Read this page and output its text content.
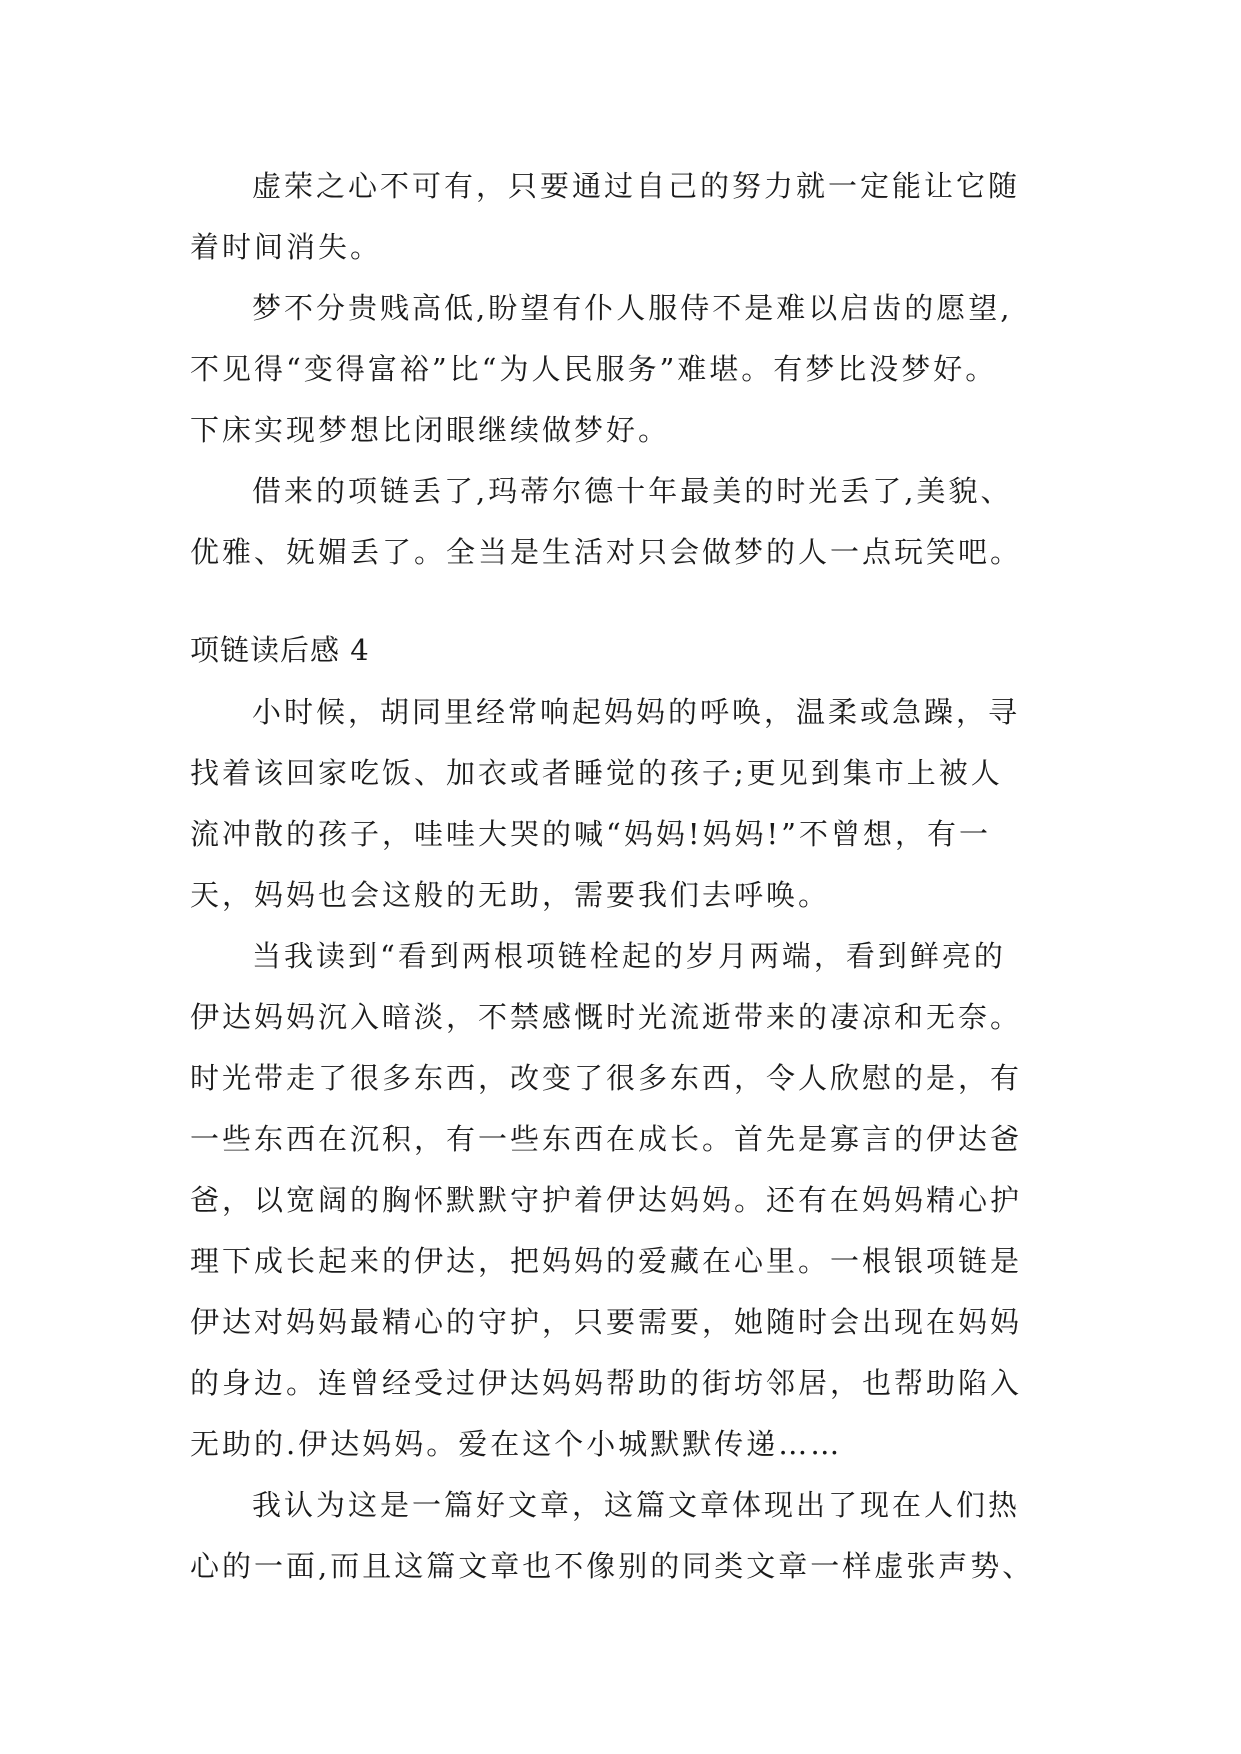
虚荣之心不可有，只要通过自己的努力就一定能让它随
着时间消失。
梦不分贵贱高低,盼望有仆人服侍不是难以启齿的愿望,
不见得“变得富裕”比“为人民服务”难堪。有梦比没梦好。
下床实现梦想比闭眼继续做梦好。
借来的项链丢了,玛蒂尔德十年最美的时光丢了,美貌、
优雅、妩媚丢了。全当是生活对只会做梦的人一点玩笑吧。
项链读后感 4
小时候，胡同里经常响起妈妈的呼唤，温柔或急躁，寻
找着该回家吃饭、加衣或者睡觉的孩子;更见到集市上被人
流冲散的孩子，哇哇大哭的喊“妈妈!妈妈!”不曾想，有一
天，妈妈也会这般的无助，需要我们去呼唤。
当我读到“看到两根项链栓起的岁月两端，看到鲜亮的
伊达妈妈沉入暗淡，不禁感慨时光流逝带来的凄凉和无奈。
时光带走了很多东西，改变了很多东西，令人欣慰的是，有
一些东西在沉积，有一些东西在成长。首先是寡言的伊达爸
爸，以宽阔的胸怀默默守护着伊达妈妈。还有在妈妈精心护
理下成长起来的伊达，把妈妈的爱藏在心里。一根银项链是
伊达对妈妈最精心的守护，只要需要，她随时会出现在妈妈
的身边。连曾经受过伊达妈妈帮助的街坊邻居，也帮助陷入
无助的.伊达妈妈。爱在这个小城默默传递……
我认为这是一篇好文章，这篇文章体现出了现在人们热
心的一面,而且这篇文章也不像别的同类文章一样虚张声势、
